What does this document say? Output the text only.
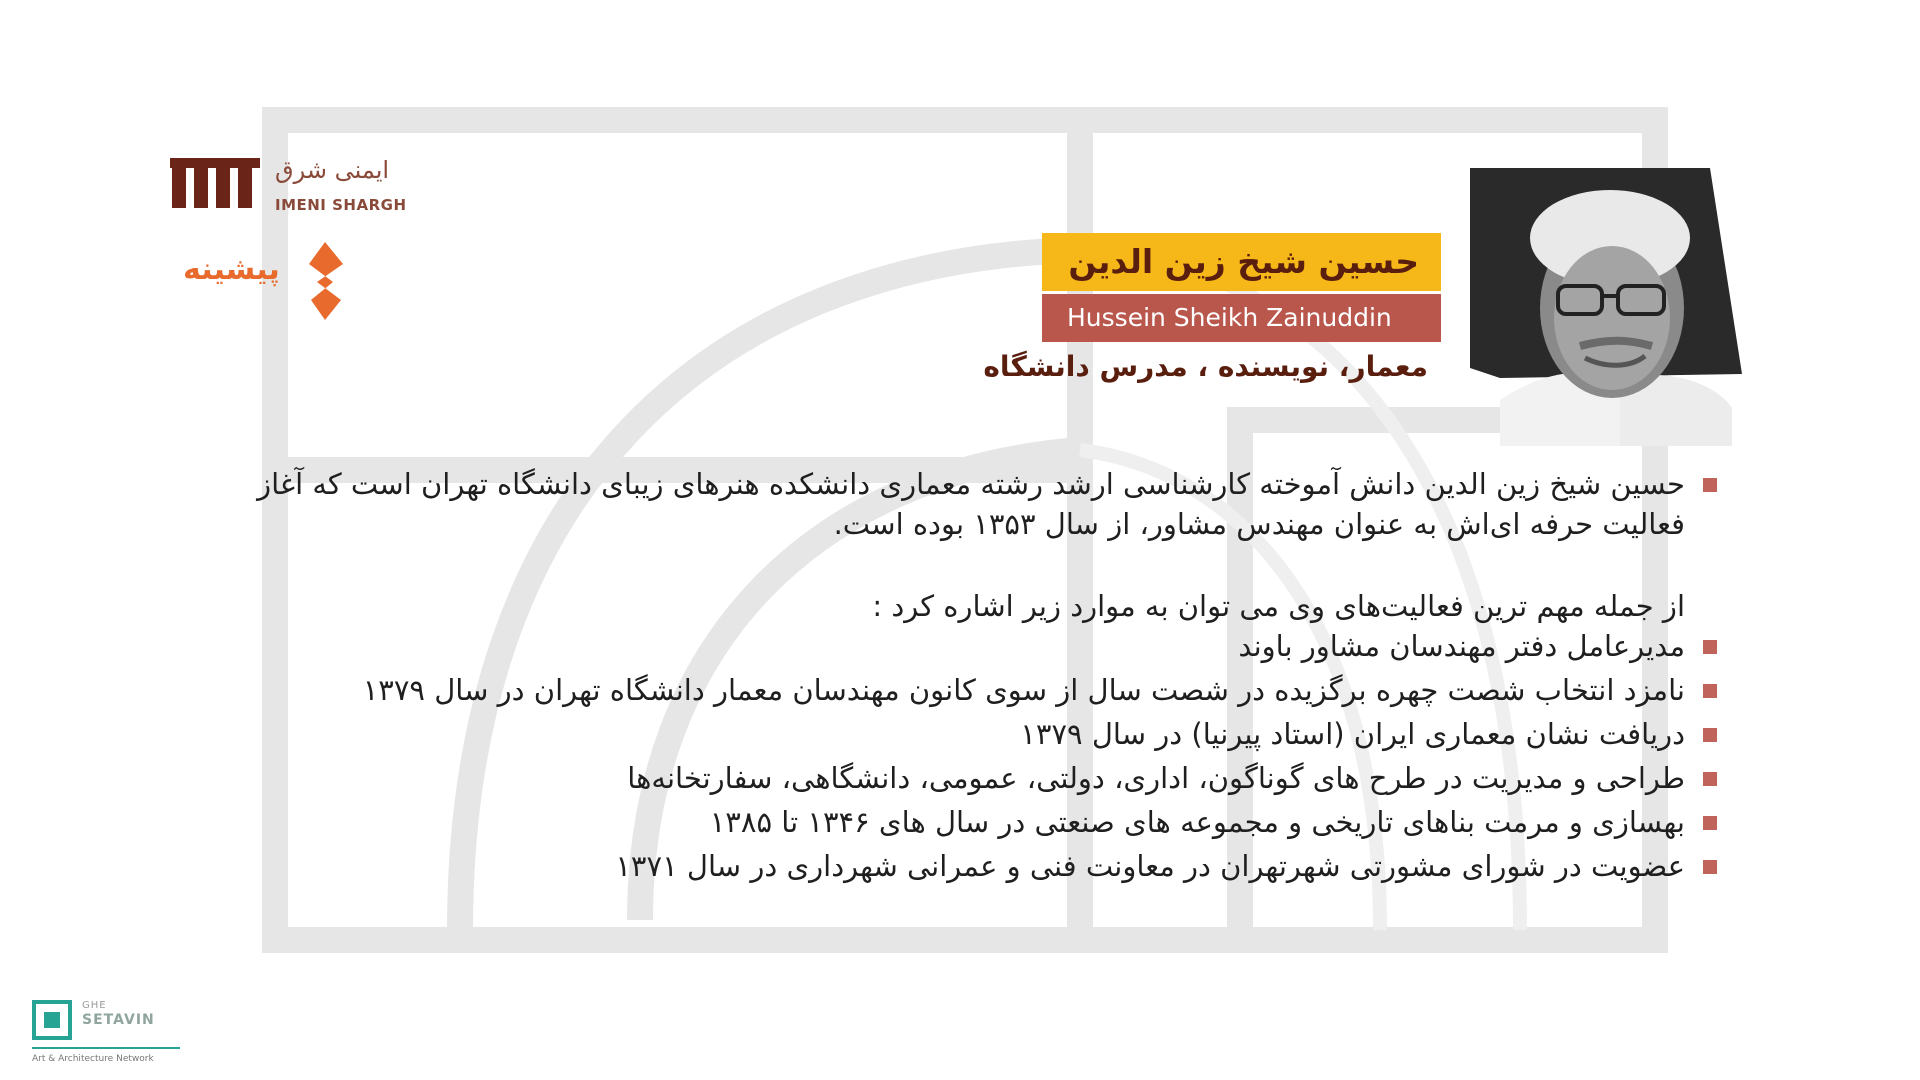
ایمنی شرق
IMENI SHARGH
پیشینه	حسین شیخ زین الدین
Hussein Sheikh Zainuddin
معمار، نویسنده ، مدرس دانشگاه

حسین شیخ زین الدین دانش آموخته کارشناسی ارشد رشته معماری دانشکده هنرهای زیبای دانشگاه تهران است که آغاز فعالیت حرفه ای‌اش به عنوان مهندس مشاور، از سال ۱۳۵۳ بوده است.

از جمله مهم ترین فعالیت‌های وی می توان به موارد زیر اشاره کرد :

مدیرعامل دفتر مهندسان مشاور باوند
نامزد انتخاب شصت چهره برگزیده در شصت سال از سوی کانون مهندسان معمار دانشگاه تهران در سال ۱۳۷۹
دریافت نشان معماری ایران (استاد پیرنیا) در سال ۱۳۷۹
طراحی و مدیریت در طرح های گوناگون، اداری، دولتی، عمومی، دانشگاهی، سفارتخانه‌ها
بهسازی و مرمت بناهای تاریخی و مجموعه های صنعتی در سال های ۱۳۴۶ تا ۱۳۸۵
عضویت در شورای مشورتی شهرتهران در معاونت فنی و عمرانی شهرداری در سال ۱۳۷۱
GHE
SETAVIN
Art & Architecture Network
